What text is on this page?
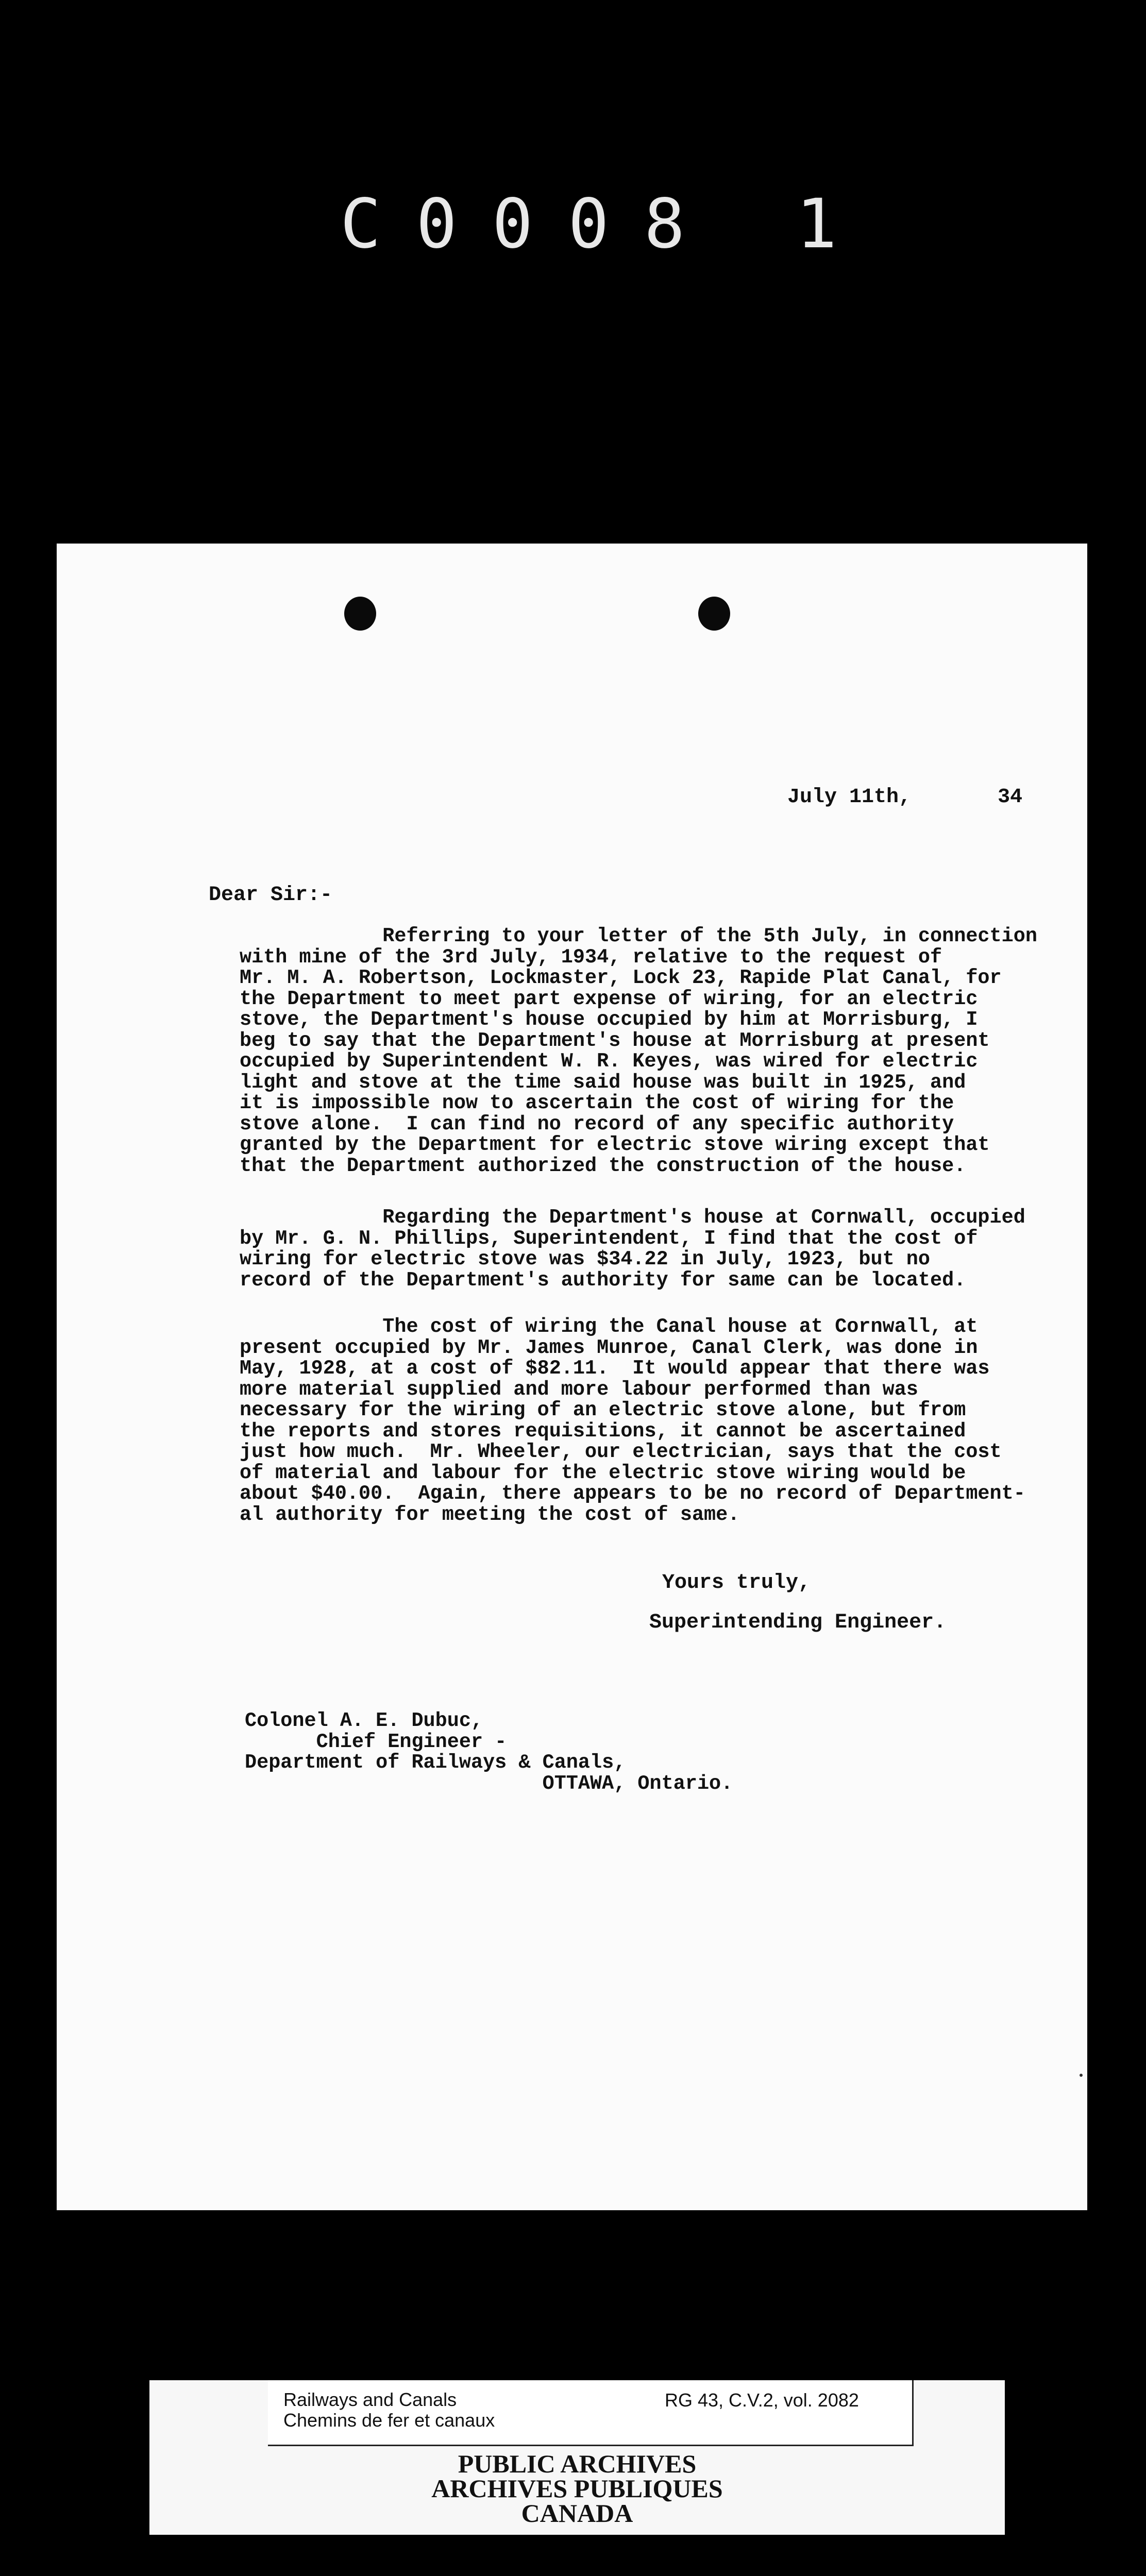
C0008 1
July 11th,       34
Dear Sir:-
Referring to your letter of the 5th July, in connection
with mine of the 3rd July, 1934, relative to the request of
Mr. M. A. Robertson, Lockmaster, Lock 23, Rapide Plat Canal, for
the Department to meet part expense of wiring, for an electric
stove, the Department's house occupied by him at Morrisburg, I
beg to say that the Department's house at Morrisburg at present
occupied by Superintendent W. R. Keyes, was wired for electric
light and stove at the time said house was built in 1925, and
it is impossible now to ascertain the cost of wiring for the
stove alone.  I can find no record of any specific authority
granted by the Department for electric stove wiring except that
that the Department authorized the construction of the house.
Regarding the Department's house at Cornwall, occupied
by Mr. G. N. Phillips, Superintendent, I find that the cost of
wiring for electric stove was $34.22 in July, 1923, but no
record of the Department's authority for same can be located.
The cost of wiring the Canal house at Cornwall, at
present occupied by Mr. James Munroe, Canal Clerk, was done in
May, 1928, at a cost of $82.11.  It would appear that there was
more material supplied and more labour performed than was
necessary for the wiring of an electric stove alone, but from
the reports and stores requisitions, it cannot be ascertained
just how much.  Mr. Wheeler, our electrician, says that the cost
of material and labour for the electric stove wiring would be
about $40.00.  Again, there appears to be no record of Department-
al authority for meeting the cost of same.
Yours truly,
Superintending Engineer.
Colonel A. E. Dubuc,
Chief Engineer -
Department of Railways & Canals,
OTTAWA, Ontario.
Railways and Canals
Chemins de fer et canaux
RG 43, C.V.2, vol. 2082
PUBLIC ARCHIVES
ARCHIVES PUBLIQUES
CANADA
